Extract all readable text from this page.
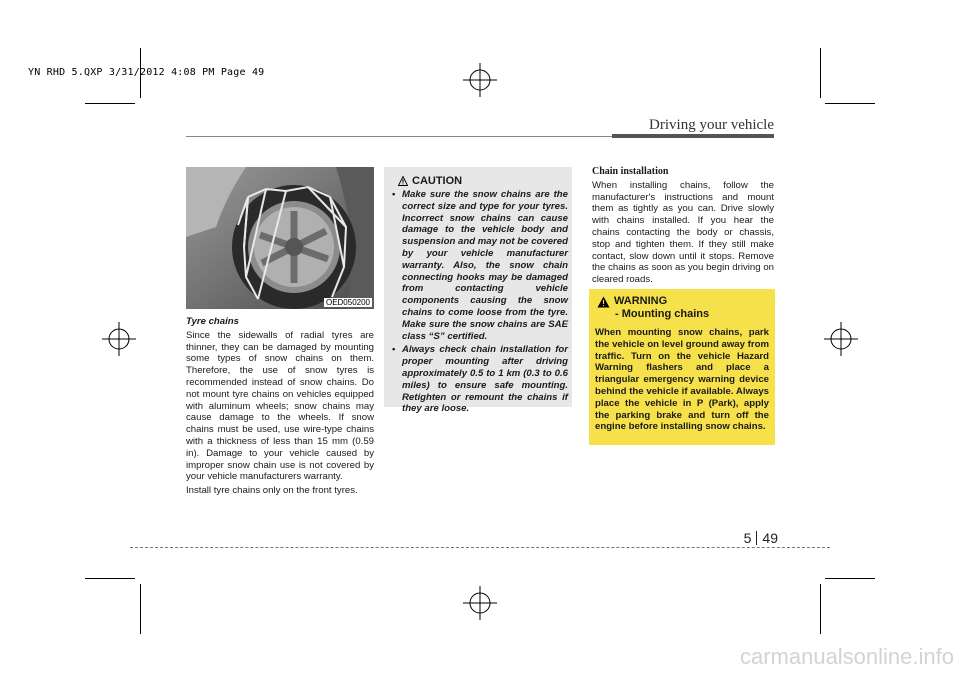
YN RHD 5.QXP 3/31/2012 4:08 PM Page 49
Driving your vehicle
OED050200

Tyre chains

Since the sidewalls of radial tyres are thinner, they can be damaged by mounting some types of snow chains on them. Therefore, the use of snow tyres is recommended instead of snow chains. Do not mount tyre chains on vehicles equipped with aluminum wheels; snow chains may cause damage to the wheels. If snow chains must be used, use wire-type chains with a thickness of less than 15 mm (0.59 in). Damage to your vehicle caused by improper snow chain use is not covered by your vehicle manufacturers warranty.

Install tyre chains only on the front tyres.

CAUTION
• Make sure the snow chains are the correct size and type for your tyres. Incorrect snow chains can cause damage to the vehicle body and suspension and may not be covered by your vehicle manufacturer warranty. Also, the snow chain connecting hooks may be damaged from contacting vehicle components causing the snow chains to come loose from the tyre. Make sure the snow chains are SAE class “S” certified.
• Always check chain installation for proper mounting after driving approximately 0.5 to 1 km (0.3 to 0.6 miles) to ensure safe mounting. Retighten or remount the chains if they are loose.
Chain installation

When installing chains, follow the manufacturer's instructions and mount them as tightly as you can. Drive slowly with chains installed. If you hear the chains contacting the body or chassis, stop and tighten them. If they still make contact, slow down until it stops. Remove the chains as soon as you begin driving on cleared roads.

WARNING
- Mounting chains
When mounting snow chains, park the vehicle on level ground away from traffic. Turn on the vehicle Hazard Warning flashers and place a triangular emergency warning device behind the vehicle if available. Always place the vehicle in P (Park), apply the parking brake and turn off the engine before installing snow chains.
5 49
carmanualsonline.info
